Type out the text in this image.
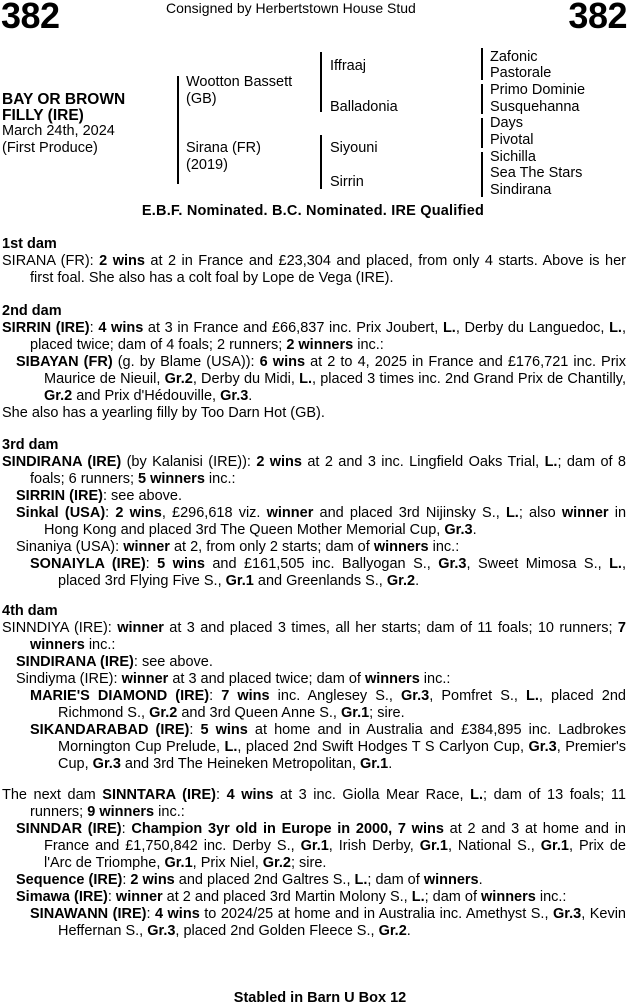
382	382
Consigned by Herbertstown House Stud
BAY OR BROWN
FILLY (IRE)
March 24th, 2024
(First Produce)
Wootton Bassett
(GB)
Sirana (FR)
(2019)
Iffraaj
Balladonia
Siyouni
Sirrin
Zafonic
Pastorale
Primo Dominie
Susquehanna
Days
Pivotal
Sichilla
Sea The Stars
Sindirana
E.B.F. Nominated. B.C. Nominated. IRE Qualified
1st dam
SIRANA (FR): 2 wins at 2 in France and £23,304 and placed, from only 4 starts. Above is her first foal. She also has a colt foal by Lope de Vega (IRE).
2nd dam
SIRRIN (IRE): 4 wins at 3 in France and £66,837 inc. Prix Joubert, L., Derby du Languedoc, L., placed twice; dam of 4 foals; 2 runners; 2 winners inc.:
SIBAYAN (FR) (g. by Blame (USA)): 6 wins at 2 to 4, 2025 in France and £176,721 inc. Prix Maurice de Nieuil, Gr.2, Derby du Midi, L., placed 3 times inc. 2nd Grand Prix de Chantilly, Gr.2 and Prix d'Hédouville, Gr.3.
She also has a yearling filly by Too Darn Hot (GB).
3rd dam
SINDIRANA (IRE) (by Kalanisi (IRE)): 2 wins at 2 and 3 inc. Lingfield Oaks Trial, L.; dam of 8 foals; 6 runners; 5 winners inc.:
SIRRIN (IRE): see above.
Sinkal (USA): 2 wins, £296,618 viz. winner and placed 3rd Nijinsky S., L.; also winner in Hong Kong and placed 3rd The Queen Mother Memorial Cup, Gr.3.
Sinaniya (USA): winner at 2, from only 2 starts; dam of winners inc.:
SONAIYLA (IRE): 5 wins and £161,505 inc. Ballyogan S., Gr.3, Sweet Mimosa S., L., placed 3rd Flying Five S., Gr.1 and Greenlands S., Gr.2.
4th dam
SINNDIYA (IRE): winner at 3 and placed 3 times, all her starts; dam of 11 foals; 10 runners; 7 winners inc.:
SINDIRANA (IRE): see above.
Sindiyma (IRE): winner at 3 and placed twice; dam of winners inc.:
MARIE'S DIAMOND (IRE): 7 wins inc. Anglesey S., Gr.3, Pomfret S., L., placed 2nd Richmond S., Gr.2 and 3rd Queen Anne S., Gr.1; sire.
SIKANDARABAD (IRE): 5 wins at home and in Australia and £384,895 inc. Ladbrokes Mornington Cup Prelude, L., placed 2nd Swift Hodges T S Carlyon Cup, Gr.3, Premier's Cup, Gr.3 and 3rd The Heineken Metropolitan, Gr.1.
The next dam SINNTARA (IRE): 4 wins at 3 inc. Giolla Mear Race, L.; dam of 13 foals; 11 runners; 9 winners inc.:
SINNDAR (IRE): Champion 3yr old in Europe in 2000, 7 wins at 2 and 3 at home and in France and £1,750,842 inc. Derby S., Gr.1, Irish Derby, Gr.1, National S., Gr.1, Prix de l'Arc de Triomphe, Gr.1, Prix Niel, Gr.2; sire.
Sequence (IRE): 2 wins and placed 2nd Galtres S., L.; dam of winners.
Simawa (IRE): winner at 2 and placed 3rd Martin Molony S., L.; dam of winners inc.:
SINAWANN (IRE): 4 wins to 2024/25 at home and in Australia inc. Amethyst S., Gr.3, Kevin Heffernan S., Gr.3, placed 2nd Golden Fleece S., Gr.2.
Stabled in Barn U Box 12
